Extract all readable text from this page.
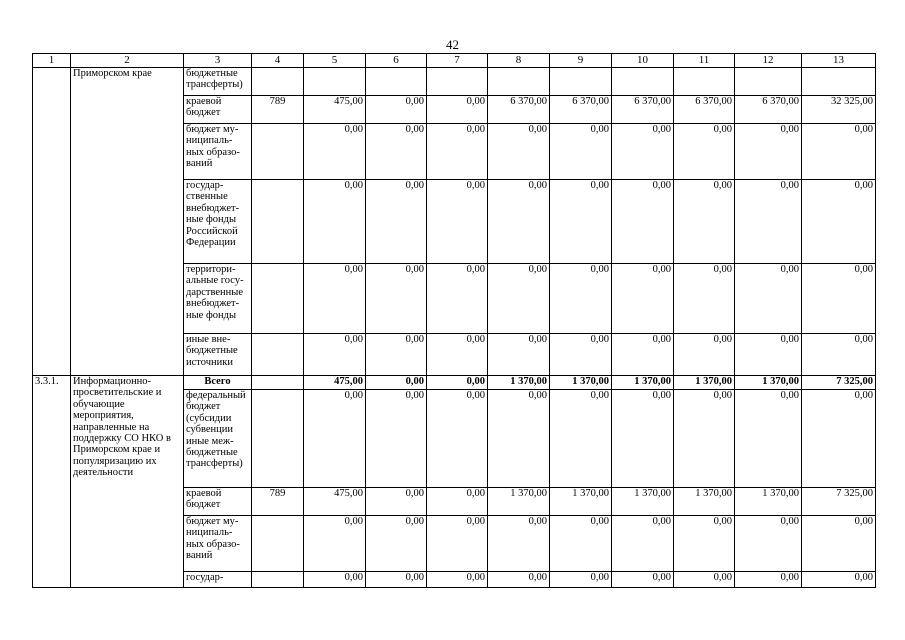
42
1	2	3	4	5	6	7	8	9	10	11	12	13
	Приморском крае	бюджетные трансферты)										
		краевой бюджет	789	475,00	0,00	0,00	6 370,00	6 370,00	6 370,00	6 370,00	6 370,00	32 325,00
		бюджет му-ниципаль-ных образо-ваний		0,00	0,00	0,00	0,00	0,00	0,00	0,00	0,00	0,00
		государ-ственные внебюджет-ные фонды Российской Федерации		0,00	0,00	0,00	0,00	0,00	0,00	0,00	0,00	0,00
		территори-альные госу-дарственные внебюджет-ные фонды		0,00	0,00	0,00	0,00	0,00	0,00	0,00	0,00	0,00
		иные вне-бюджетные источники		0,00	0,00	0,00	0,00	0,00	0,00	0,00	0,00	0,00
3.3.1.	Информационно-просветительские и обучающие мероприятия, направленные на поддержку СО НКО в Приморском крае и популяризацию их деятельности	Всего		475,00	0,00	0,00	1 370,00	1 370,00	1 370,00	1 370,00	1 370,00	7 325,00
		федеральный бюджет (субсидии субвенции иные меж-бюджетные трансферты)		0,00	0,00	0,00	0,00	0,00	0,00	0,00	0,00	0,00
		краевой бюджет	789	475,00	0,00	0,00	1 370,00	1 370,00	1 370,00	1 370,00	1 370,00	7 325,00
		бюджет му-ниципаль-ных образо-ваний		0,00	0,00	0,00	0,00	0,00	0,00	0,00	0,00	0,00
		государ-		0,00	0,00	0,00	0,00	0,00	0,00	0,00	0,00	0,00
